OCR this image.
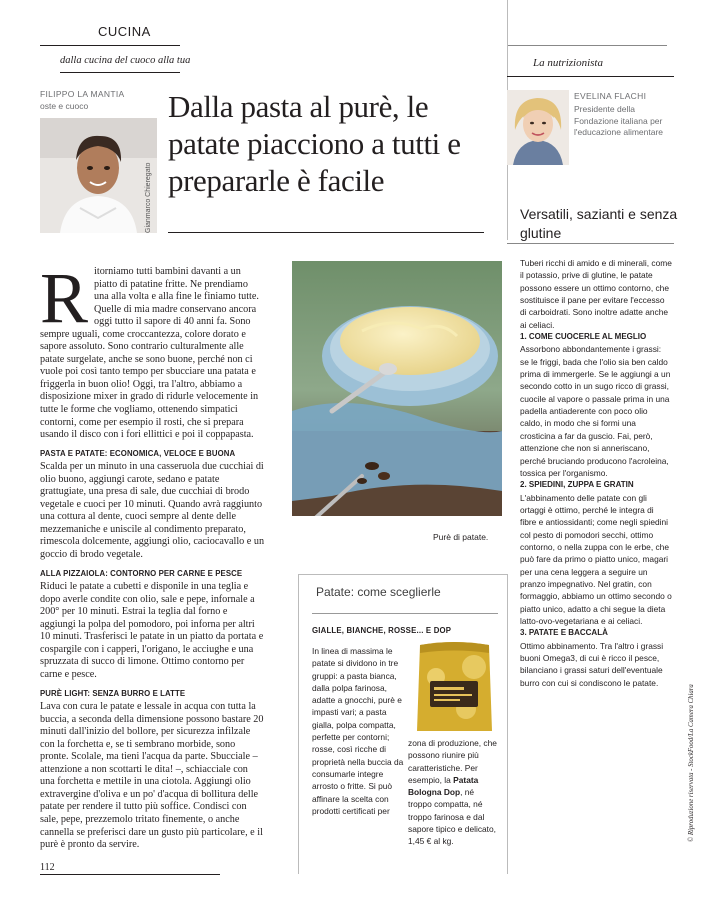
CUCINA
dalla cucina del cuoco alla tua
FILIPPO LA MANTIA
oste e cuoco
Gianmarco Chieregato
Dalla pasta al purè, le patate piacciono a tutti e prepararle è facile
La nutrizionista
EVELINA FLACHI
Presidente della Fondazione italiana per l'educazione alimentare
Versatili, sazianti e senza glutine

Tuberi ricchi di amido e di minerali, come il potassio, prive di glutine, le patate possono essere un ottimo contorno, che sostituisce il pane per evitare l'eccesso di carboidrati. Sono inoltre adatte anche ai celiaci.

1. COME CUOCERLE AL MEGLIO

Assorbono abbondantemente i grassi: se le friggi, bada che l'olio sia ben caldo prima di immergerle. Se le aggiungi a un secondo cotto in un sugo ricco di grassi, cuocile al vapore o passale prima in una padella antiaderente con poco olio caldo, in modo che si formi una crosticina a far da guscio. Fai, però, attenzione che non si anneriscano, perché bruciando producono l'acroleina, tossica per l'organismo.

2. SPIEDINI, ZUPPA E GRATIN

L'abbinamento delle patate con gli ortaggi è ottimo, perché le integra di fibre e antiossidanti; come negli spiedini col pesto di pomodori secchi, ottimo contorno, o nella zuppa con le erbe, che può fare da primo o piatto unico, magari per una cena leggera a seguire un pranzo impegnativo. Nel gratin, con formaggio, abbiamo un ottimo secondo o piatto unico, adatto a chi segue la dieta latto-ovo-vegetariana e ai celiaci.

3. PATATE E BACCALÀ

Ottimo abbinamento. Tra l'altro i grassi buoni Omega3, di cui è ricco il pesce, bilanciano i grassi saturi dell'eventuale burro con cui si condiscono le patate.

Ritorniamo tutti bambini davanti a un piatto di patatine fritte. Ne prendiamo una alla volta e alla fine le finiamo tutte. Quelle di mia madre conservano ancora oggi tutto il sapore di 40 anni fa. Sono sempre uguali, come croccantezza, colore dorato e sapore assoluto. Sono contrario culturalmente alle patate surgelate, anche se sono buone, perché non ci vuole poi così tanto tempo per sbucciare una patata e friggerla in buon olio! Oggi, tra l'altro, abbiamo a disposizione mixer in grado di ridurle velocemente in tutte le forme che vogliamo, ottenendo simpatici contorni, come per esempio il rosti, che si prepara usando il disco con i fori ellittici e poi il coppapasta.

PASTA E PATATE: ECONOMICA, VELOCE E BUONA

Scalda per un minuto in una casseruola due cucchiai di olio buono, aggiungi carote, sedano e patate grattugiate, una presa di sale, due cucchiai di brodo vegetale e cuoci per 10 minuti. Quando avrà raggiunto una cottura al dente, cuoci sempre al dente delle mezzemaniche e uniscile al condimento preparato, rimescola dolcemente, aggiungi olio, caciocavallo e un goccio di brodo vegetale.

ALLA PIZZAIOLA: CONTORNO PER CARNE E PESCE

Riduci le patate a cubetti e disponile in una teglia e dopo averle condite con olio, sale e pepe, infornale a 200° per 10 minuti. Estrai la teglia dal forno e aggiungi la polpa del pomodoro, poi inforna per altri 10 minuti. Trasferisci le patate in un piatto da portata e cospargile con i capperi, l'origano, le acciughe e una spruzzata di succo di limone. Ottimo contorno per carne e pesce.

PURÈ LIGHT: SENZA BURRO E LATTE

Lava con cura le patate e lessale in acqua con tutta la buccia, a seconda della dimensione possono bastare 20 minuti dall'inizio del bollore, per sicurezza infilzale con la forchetta e, se ti sembrano morbide, sono pronte. Scolale, ma tieni l'acqua da parte. Sbucciale – attenzione a non scottarti le dita! –, schiacciale con una forchetta e mettile in una ciotola. Aggiungi olio extravergine d'oliva e un po' d'acqua di bollitura delle patate per rendere il tutto più soffice. Condisci con sale, pepe, prezzemolo tritato finemente, o anche cannella se preferisci dare un gusto più particolare, e il purè è pronto da servire.

Purè di patate.
Patate: come sceglierle
GIALLE, BIANCHE, ROSSE... E DOP
In linea di massima le patate si dividono in tre gruppi: a pasta bianca, dalla polpa farinosa, adatte a gnocchi, purè e impasti vari; a pasta gialla, polpa compatta, perfette per contorni; rosse, così ricche di proprietà nella buccia da consumarle integre arrosto o fritte. Si può affinare la scelta con prodotti certificati per
zona di produzione, che possono riunire più caratteristiche. Per esempio, la Patata Bologna Dop, né troppo compatta, né troppo farinosa e dal sapore tipico e delicato, 1,45 € al kg.
112
© Riproduzione riservata - StockFood/La Camera Chiara
